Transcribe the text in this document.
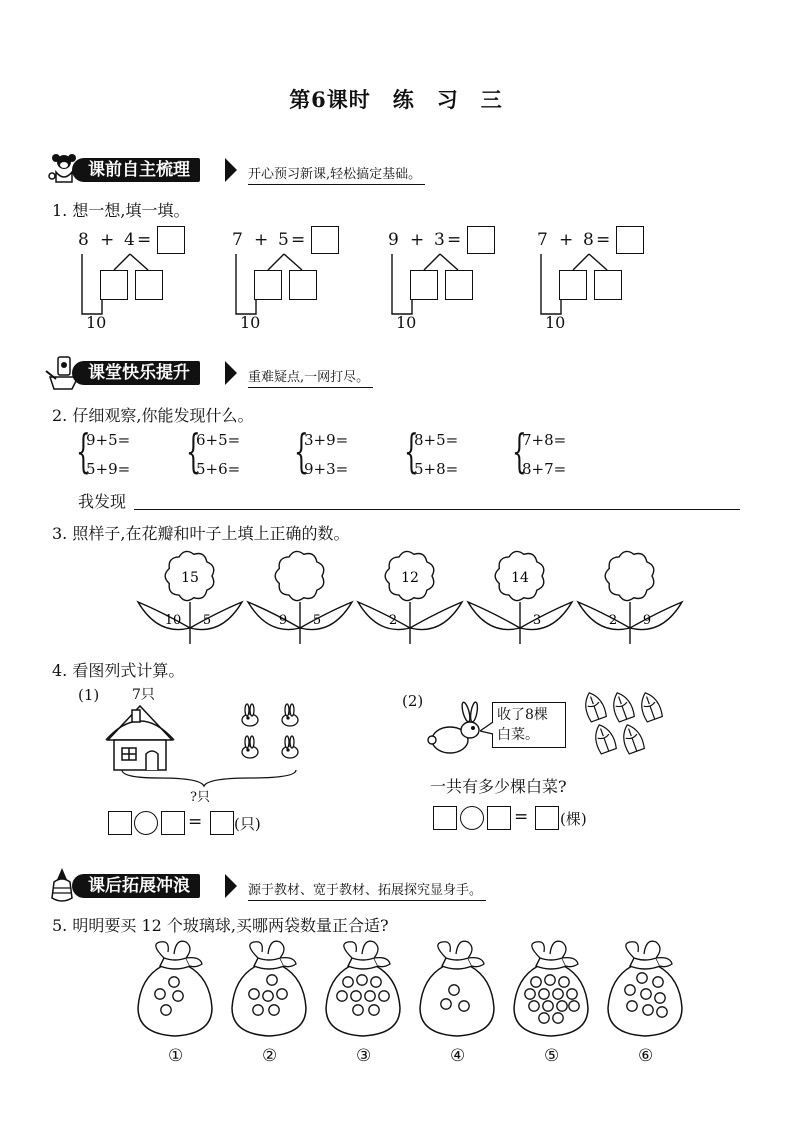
第6课时　练　习　三
课前自主梳理	开心预习新课,轻松搞定基础。
1. 想一想,填一填。
8 + 4 =
10
7 + 5 =
10
9 + 3 =
10
7 + 8 =
10
课堂快乐提升	重难疑点,一网打尽。
2. 仔细观察,你能发现什么。
{
9+5=
5+9= {
6+5=
5+6= {
3+9=
9+3= {
8+5=
5+8= {
7+8=
8+7=
我发现
3. 照样子,在花瓣和叶子上填上正确的数。
15
10 5	9 5
12
2
14
3	2 9
4. 看图列式计算。
(1) 7只
?只
= (只)
(2)
收了8棵
白菜。
一共有多少棵白菜?
= (棵)
课后拓展冲浪	源于教材、宽于教材、拓展探究显身手。
5. 明明要买 12 个玻璃球,买哪两袋数量正合适?
①	②	③	④	⑤	⑥
